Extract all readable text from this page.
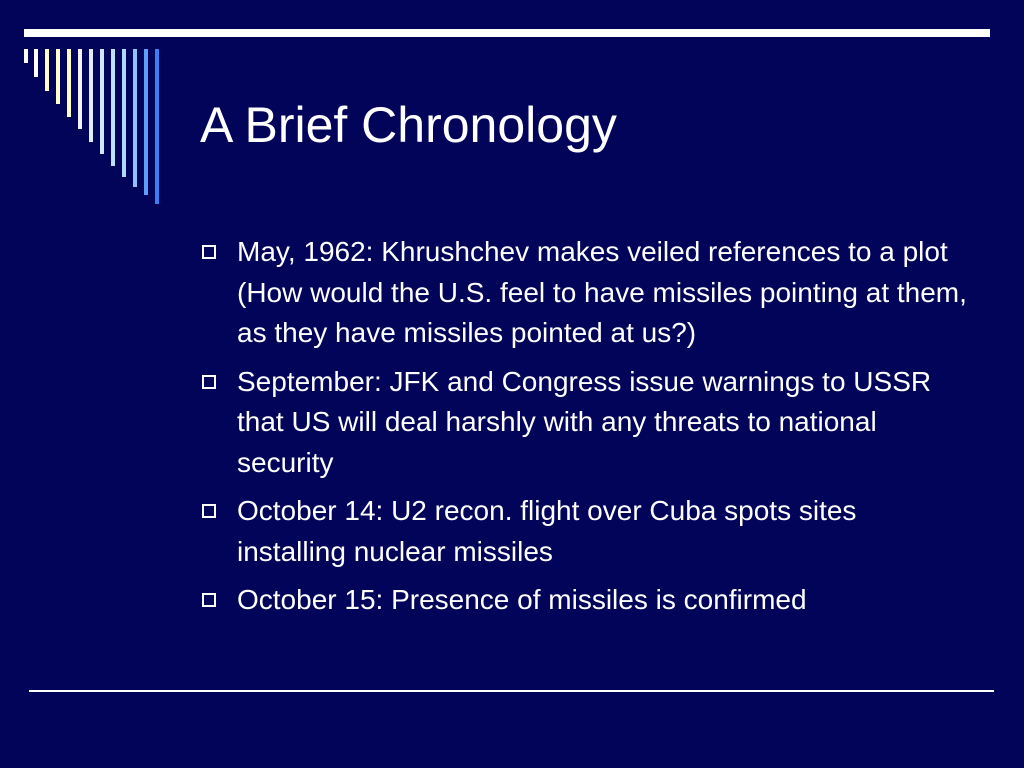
A Brief Chronology
May, 1962: Khrushchev makes veiled references to a plot (How would the U.S. feel to have missiles pointing at them, as they have missiles pointed at us?)
September: JFK and Congress issue warnings to USSR that US will deal harshly with any threats to national security
October 14: U2 recon. flight over Cuba spots sites installing nuclear missiles
October 15: Presence of missiles is confirmed
